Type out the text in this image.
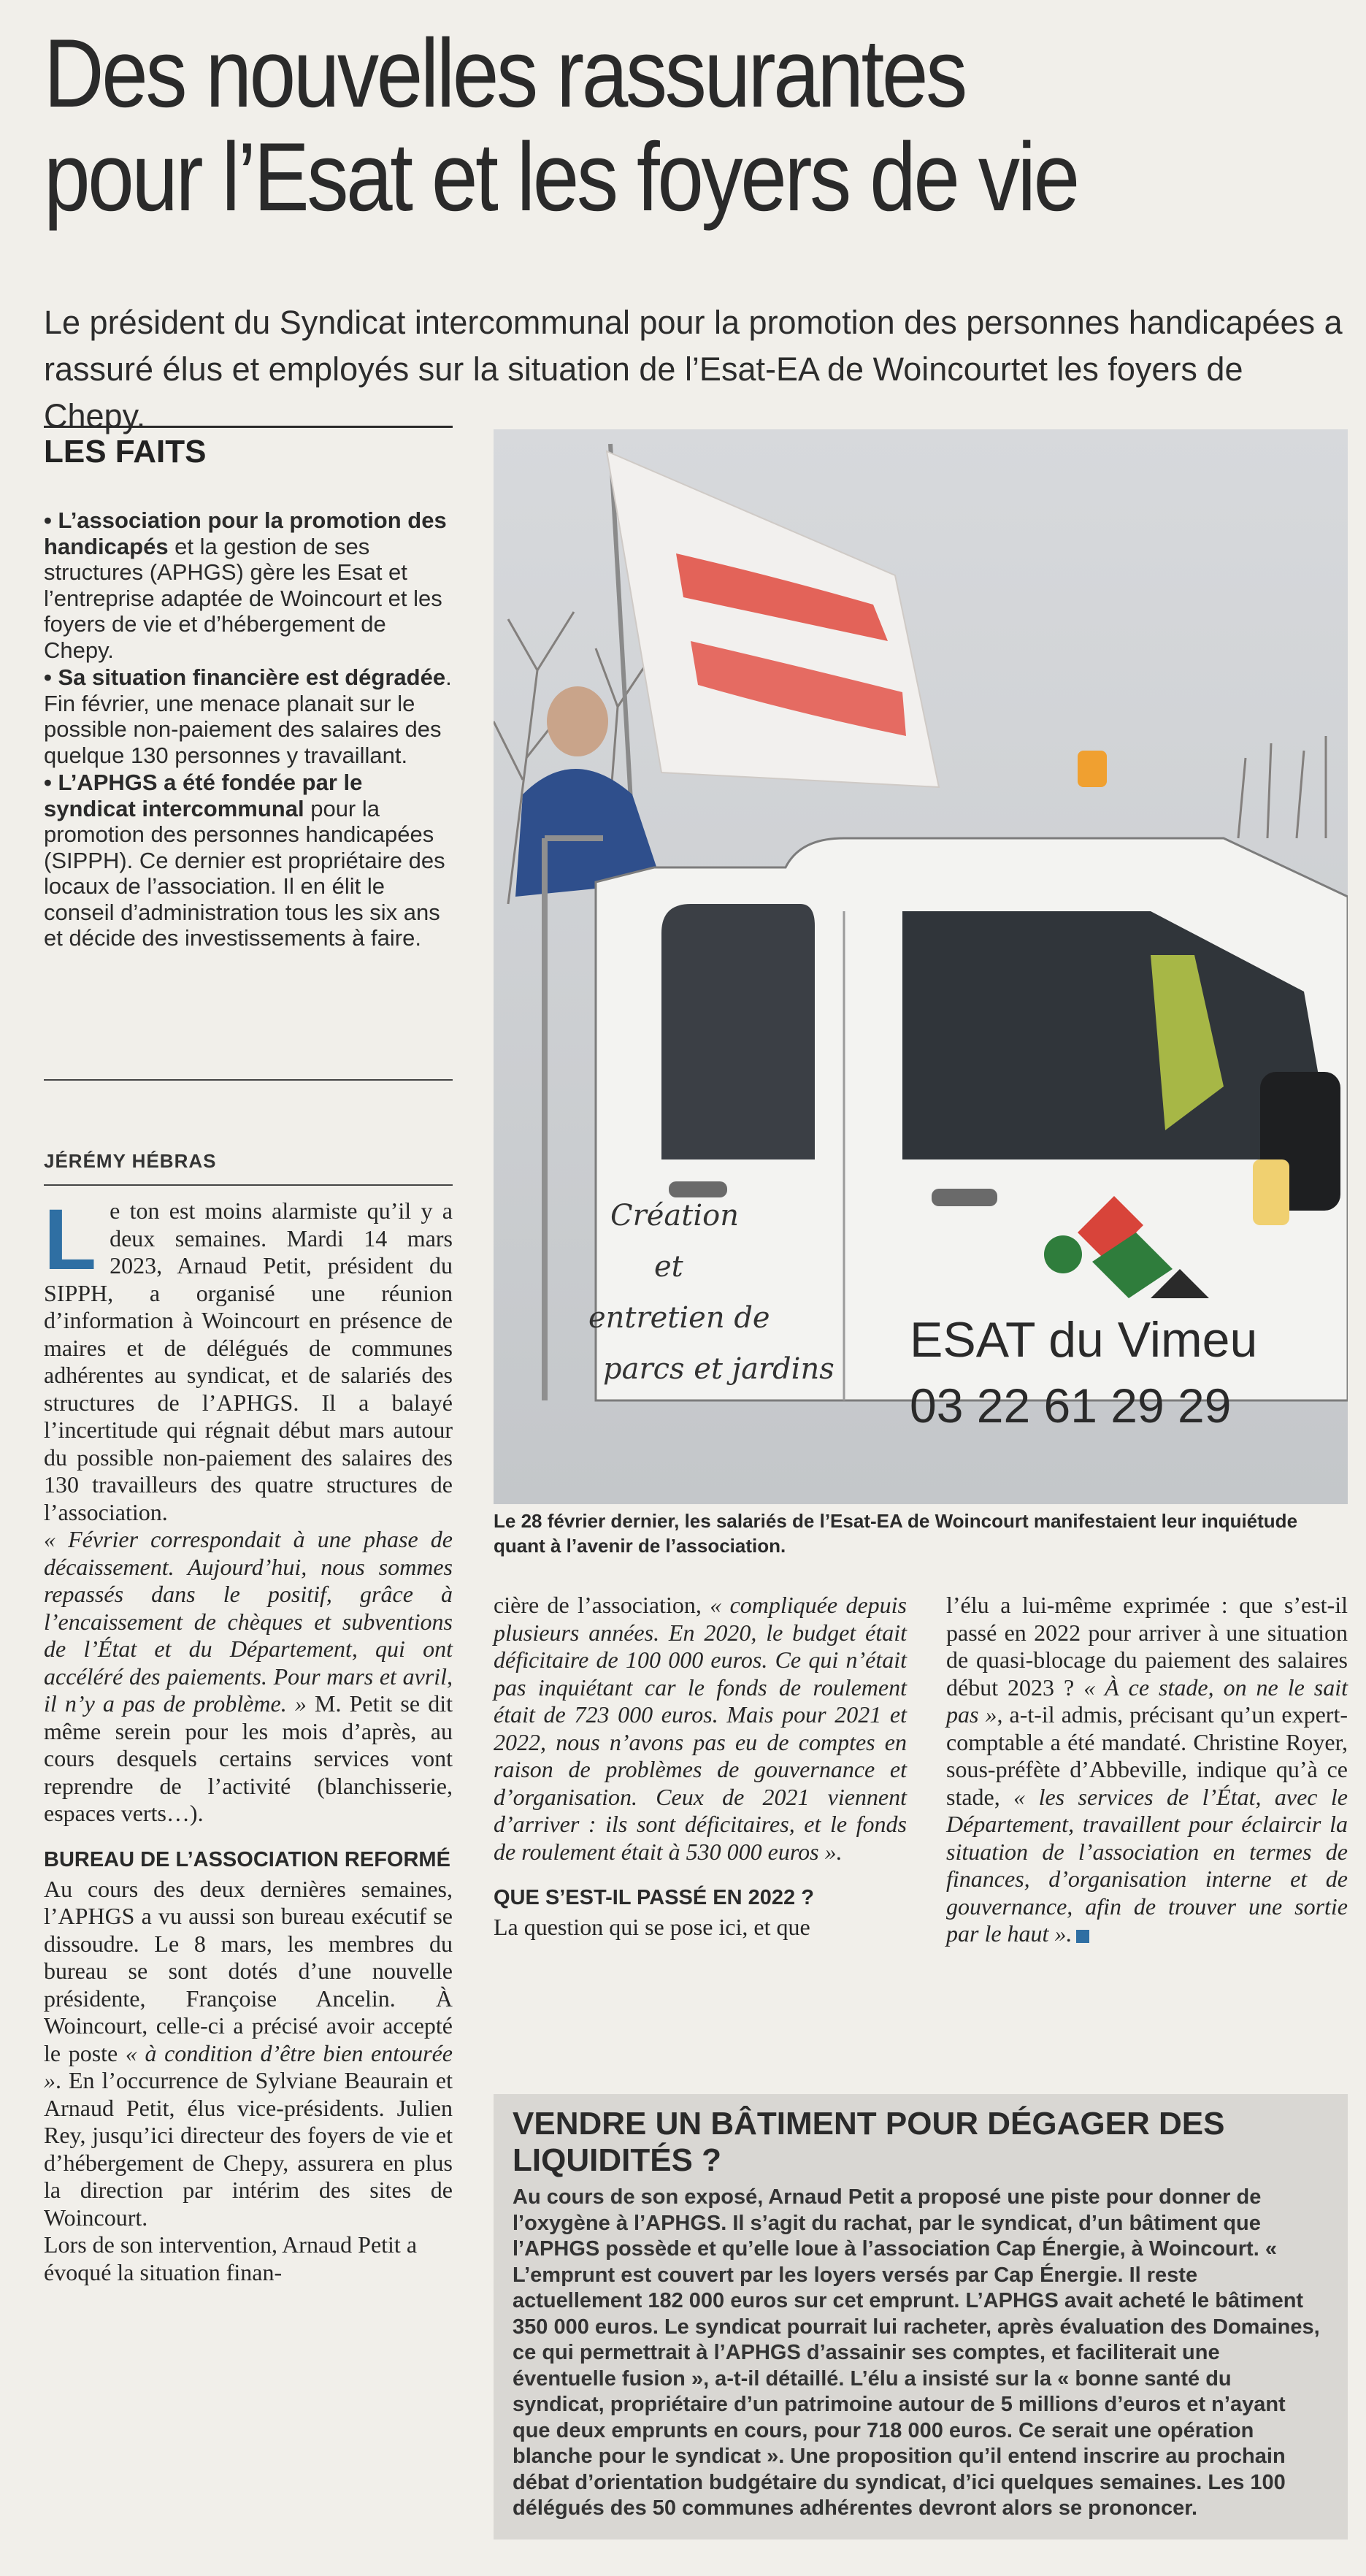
Des nouvelles rassurantes
pour l’Esat et les foyers de vie
Le président du Syndicat intercommunal pour la promotion des personnes handicapées a rassuré élus et employés sur la situation de l’Esat-EA de Woincourtet les foyers de Chepy.
LES FAITS

• L’association pour la promotion des handicapés et la gestion de ses structures (APHGS) gère les Esat et l’entreprise adaptée de Woincourt et les foyers de vie et d’hébergement de Chepy.

• Sa situation financière est dégradée. Fin février, une menace planait sur le possible non-paiement des salaires des quelque 130 personnes y travaillant.

• L’APHGS a été fondée par le syndicat intercommunal pour la promotion des personnes handicapées (SIPPH). Ce dernier est propriétaire des locaux de l’association. Il en élit le conseil d’administration tous les six ans et décide des investissements à faire.

JÉRÉMY HÉBRAS

Le ton est moins alarmiste qu’il y a deux semaines. Mardi 14 mars 2023, Arnaud Petit, président du SIPPH, a organisé une réunion d’information à Woincourt en présence de maires et de délégués de communes adhérentes au syndicat, et de salariés des structures de l’APHGS. Il a balayé l’incertitude qui régnait début mars autour du possible non-paiement des salaires des 130 travailleurs des quatre structures de l’association.

« Février correspondait à une phase de décaissement. Aujourd’hui, nous sommes repassés dans le positif, grâce à l’encaissement de chèques et subventions de l’État et du Département, qui ont accéléré des paiements. Pour mars et avril, il n’y a pas de problème. » M. Petit se dit même serein pour les mois d’après, au cours desquels certains services vont reprendre de l’activité (blanchisserie, espaces verts…).

BUREAU DE L’ASSOCIATION REFORMÉ

Au cours des deux dernières semaines, l’APHGS a vu aussi son bureau exécutif se dissoudre. Le 8 mars, les membres du bureau se sont dotés d’une nouvelle présidente, Françoise Ancelin. À Woincourt, celle-ci a précisé avoir accepté le poste « à condition d’être bien entourée ». En l’occurrence de Sylviane Beaurain et Arnaud Petit, élus vice-présidents. Julien Rey, jusqu’ici directeur des foyers de vie et d’hébergement de Chepy, assurera en plus la direction par intérim des sites de Woincourt.

Lors de son intervention, Arnaud Petit a évoqué la situation finan-

Création
et
entretien de
parcs et jardins
ESAT du Vimeu
03 22 61 29 29
Le 28 février dernier, les salariés de l’Esat-EA de Woincourt manifestaient leur inquiétude quant à l’avenir de l’association.

cière de l’association, « compliquée depuis plusieurs années. En 2020, le budget était déficitaire de 100 000 euros. Ce qui n’était pas inquiétant car le fonds de roulement était de 723 000 euros. Mais pour 2021 et 2022, nous n’avons pas eu de comptes en raison de problèmes de gouvernance et d’organisation. Ceux de 2021 viennent d’arriver : ils sont déficitaires, et le fonds de roulement était à 530 000 euros ».

QUE S’EST-IL PASSÉ EN 2022 ?

La question qui se pose ici, et que

l’élu a lui-même exprimée : que s’est-il passé en 2022 pour arriver à une situation de quasi-blocage du paiement des salaires début 2023 ? « À ce stade, on ne le sait pas », a-t-il admis, précisant qu’un expert-comptable a été mandaté. Christine Royer, sous-préfète d’Abbeville, indique qu’à ce stade, « les services de l’État, avec le Département, travaillent pour éclaircir la situation de l’association en termes de finances, d’organisation interne et de gouvernance, afin de trouver une sortie par le haut ».

VENDRE UN BÂTIMENT POUR DÉGAGER DES LIQUIDITÉS ?
Au cours de son exposé, Arnaud Petit a proposé une piste pour donner de l’oxygène à l’APHGS. Il s’agit du rachat, par le syndicat, d’un bâtiment que l’APHGS possède et qu’elle loue à l’association Cap Énergie, à Woincourt. « L’emprunt est couvert par les loyers versés par Cap Énergie. Il reste actuellement 182 000 euros sur cet emprunt. L’APHGS avait acheté le bâtiment 350 000 euros. Le syndicat pourrait lui racheter, après évaluation des Domaines, ce qui permettrait à l’APHGS d’assainir ses comptes, et faciliterait une éventuelle fusion », a-t-il détaillé. L’élu a insisté sur la « bonne santé du syndicat, propriétaire d’un patrimoine autour de 5 millions d’euros et n’ayant que deux emprunts en cours, pour 718 000 euros. Ce serait une opération blanche pour le syndicat ». Une proposition qu’il entend inscrire au prochain débat d’orientation budgétaire du syndicat, d’ici quelques semaines. Les 100 délégués des 50 communes adhérentes devront alors se prononcer.
